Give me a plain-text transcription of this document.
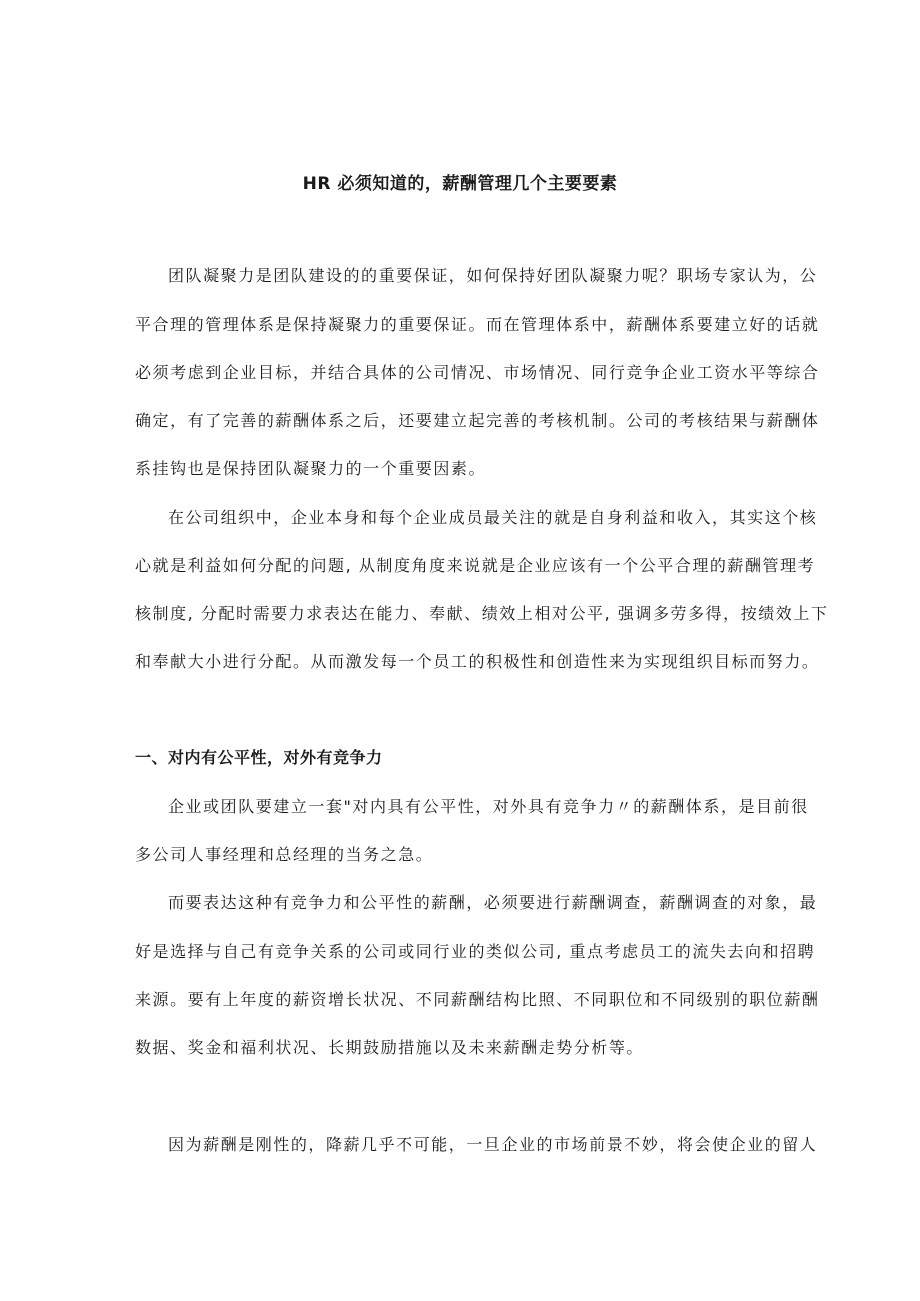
HR 必须知道的，薪酬管理几个主要要素
团队凝聚力是团队建设的的重要保证，如何保持好团队凝聚力呢？职场专家认为，公
平合理的管理体系是保持凝聚力的重要保证。而在管理体系中，薪酬体系要建立好的话就
必须考虑到企业目标，并结合具体的公司情况、市场情况、同行竞争企业工资水平等综合
确定，有了完善的薪酬体系之后，还要建立起完善的考核机制。公司的考核结果与薪酬体
系挂钩也是保持团队凝聚力的一个重要因素。
在公司组织中，企业本身和每个企业成员最关注的就是自身利益和收入，其实这个核
心就是利益如何分配的问题, 从制度角度来说就是企业应该有一个公平合理的薪酬管理考
核制度, 分配时需要力求表达在能力、奉献、绩效上相对公平, 强调多劳多得，按绩效上下
和奉献大小进行分配。从而激发每一个员工的积极性和创造性来为实现组织目标而努力。
一、对内有公平性，对外有竞争力
企业或团队要建立一套"对内具有公平性，对外具有竞争力〃的薪酬体系，是目前很
多公司人事经理和总经理的当务之急。
而要表达这种有竞争力和公平性的薪酬，必须要进行薪酬调查，薪酬调查的对象，最
好是选择与自己有竞争关系的公司或同行业的类似公司, 重点考虑员工的流失去向和招聘
来源。要有上年度的薪资增长状况、不同薪酬结构比照、不同职位和不同级别的职位薪酬
数据、奖金和福利状况、长期鼓励措施以及未来薪酬走势分析等。
因为薪酬是刚性的，降薪几乎不可能，一旦企业的市场前景不妙，将会使企业的留人
